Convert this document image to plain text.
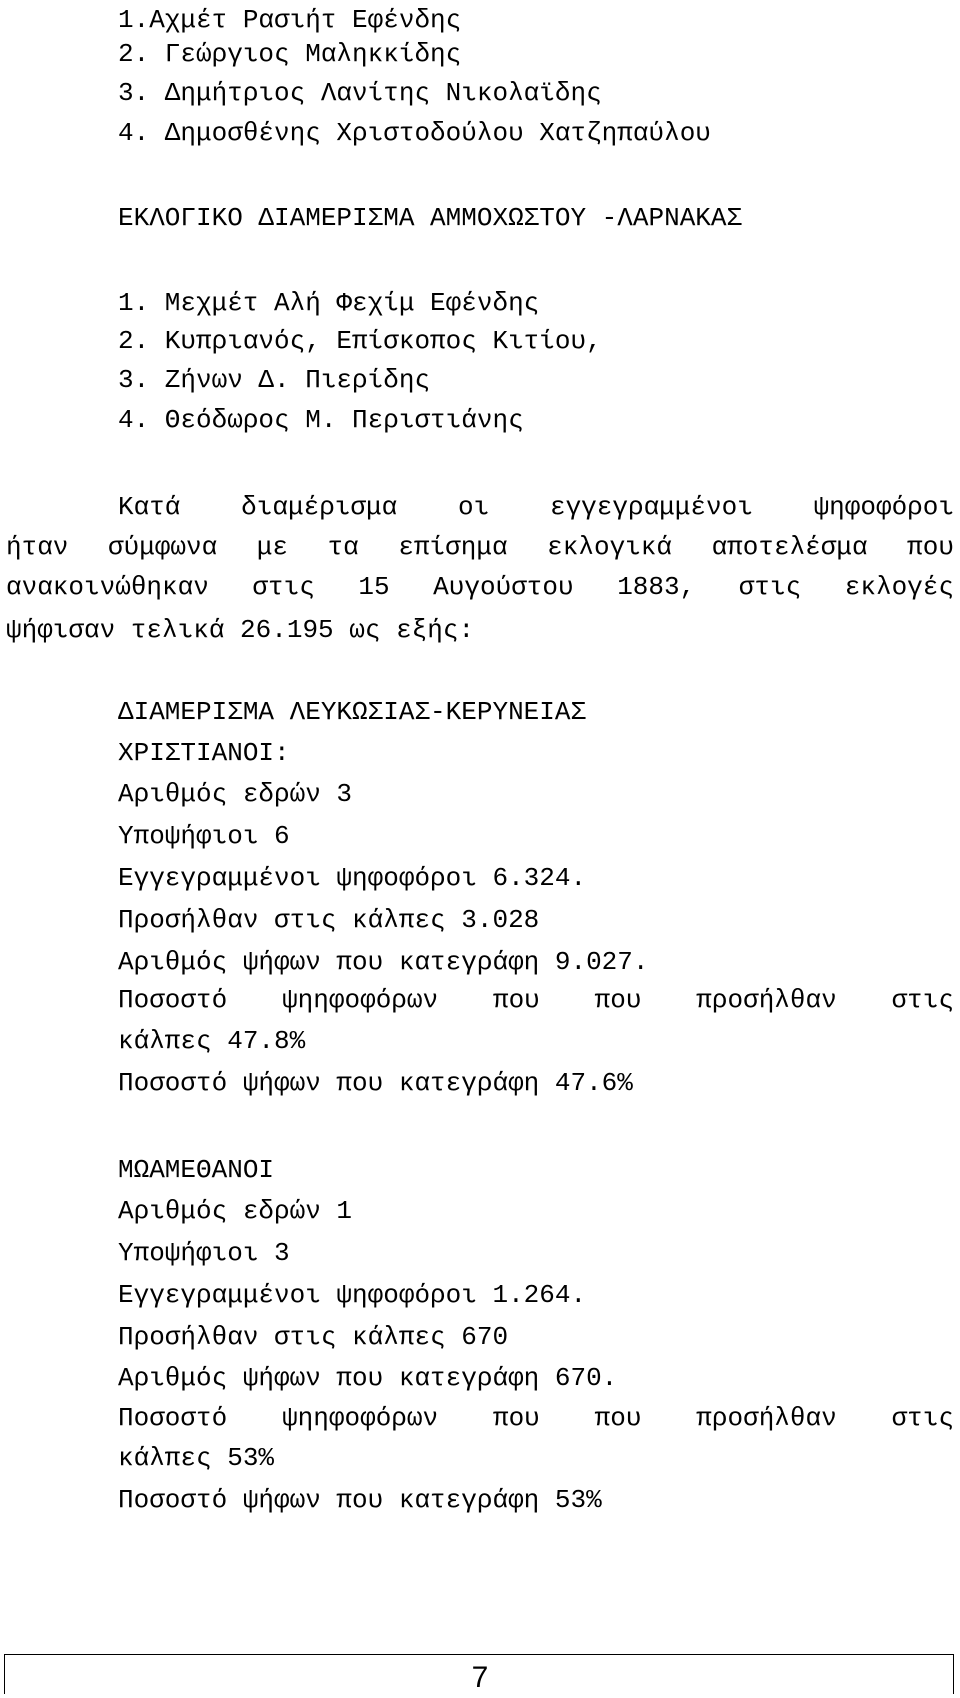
1.Αχμέτ Ρασιήτ Εφένδης
2. Γεώργιος Μαληκκίδης
3. Δημήτριος Λανίτης Νικολαϊδης
4. Δημοσθένης Χριστοδούλου Χατζηπαύλου
ΕΚΛΟΓΙΚΟ ΔΙΑΜΕΡΙΣΜΑ ΑΜΜΟΧΩΣΤΟΥ -ΛΑΡΝΑΚΑΣ
1. Μεχμέτ Αλή Φεχίμ Εφένδης
2. Κυπριανός, Επίσκοπος Κιτίου,
3. Ζήνων Δ. Πιερίδης
4. Θεόδωρος Μ. Περιστιάνης
Κατά διαμέρισμα οι εγγεγραμμένοι ψηφοφόροι
ήταν σύμφωνα με τα επίσημα εκλογικά αποτελέσμα που
ανακοινώθηκαν στις 15 Αυγούστου 1883, στις εκλογές
ψήφισαν τελικά 26.195 ως εξής:
ΔΙΑΜΕΡΙΣΜΑ ΛΕΥΚΩΣΙΑΣ-ΚΕΡΥΝΕΙΑΣ
ΧΡΙΣΤΙΑΝΟΙ:
Αριθμός εδρών 3
Υποψήφιοι 6
Εγγεγραμμένοι ψηφοφόροι 6.324.
Προσήλθαν στις κάλπες 3.028
Αριθμός ψήφων που κατεγράφη 9.027.
Ποσοστό ψηηφοφόρων που που προσήλθαν στις
κάλπες 47.8%
Ποσοστό ψήφων που κατεγράφη 47.6%
ΜΩΑΜΕΘΑΝΟΙ
Αριθμός εδρών 1
Υποψήφιοι 3
Εγγεγραμμένοι ψηφοφόροι 1.264.
Προσήλθαν στις κάλπες 670
Αριθμός ψήφων που κατεγράφη 670.
Ποσοστό ψηηφοφόρων που που προσήλθαν στις
κάλπες 53%
Ποσοστό ψήφων που κατεγράφη 53%
7
